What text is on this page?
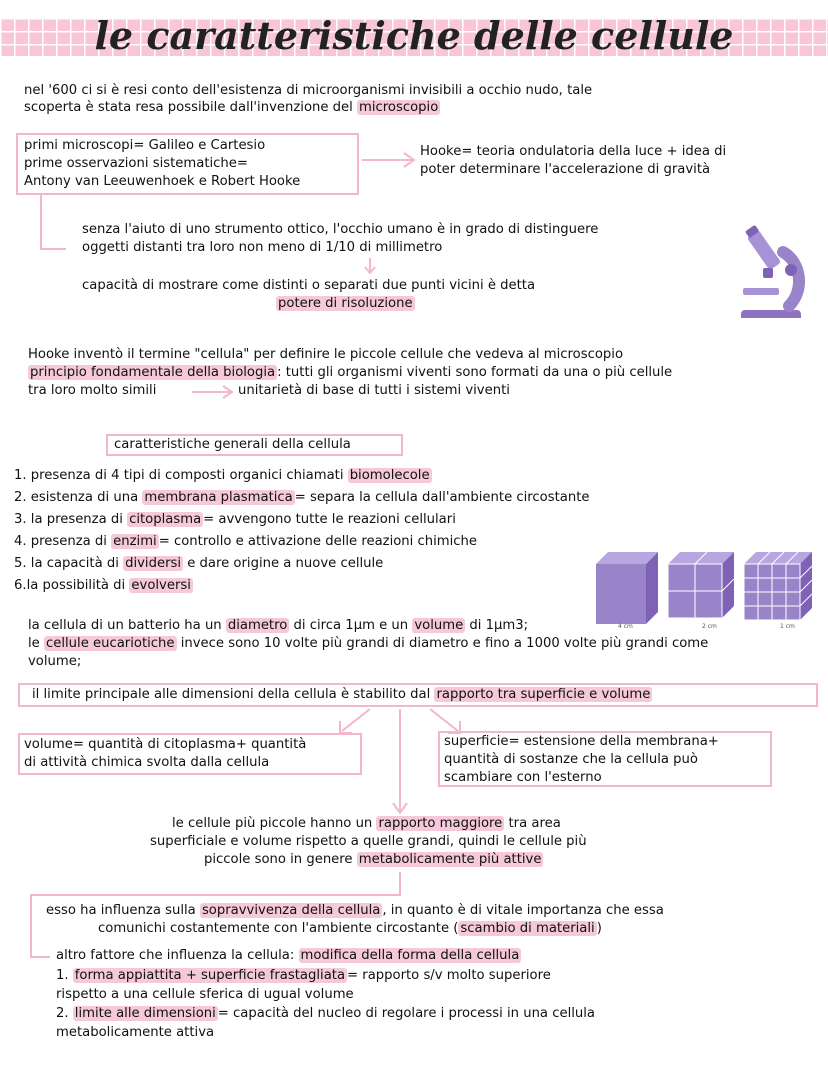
le caratteristiche delle cellule
nel '600 ci si è resi conto dell'esistenza di microorganismi invisibili a occhio nudo, tale
scoperta è stata resa possibile dall'invenzione del microscopio
primi microscopi= Galileo e Cartesio
prime osservazioni sistematiche=
Antony van Leeuwenhoek e Robert Hooke
Hooke= teoria ondulatoria della luce + idea di
poter determinare l'accelerazione di gravità
senza l'aiuto di uno strumento ottico, l'occhio umano è in grado di distinguere
oggetti distanti tra loro non meno di 1/10 di millimetro
capacità di mostrare come distinti o separati due punti vicini è detta
potere di risoluzione
Hooke inventò il termine "cellula" per definire le piccole cellule che vedeva al microscopio
principio fondamentale della biologia : tutti gli organismi viventi sono formati da una o più cellule
tra loro molto simili	unitarietà di base di tutti i sistemi viventi
caratteristiche generali della cellula
1. presenza di 4 tipi di composti organici chiamati biomolecole
2. esistenza di una membrana plasmatica = separa la cellula dall'ambiente circostante
3. la presenza di citoplasma = avvengono tutte le reazioni cellulari
4. presenza di enzimi = controllo e attivazione delle reazioni chimiche
5. la capacità di dividersi e dare origine a nuove cellule
6.la possibilità di evolversi
4 cm	2 cm	1 cm
la cellula di un batterio ha un diametro di circa 1µm e un volume di 1µm3;
le cellule eucariotiche invece sono 10 volte più grandi di diametro e fino a 1000 volte più grandi come
volume;
il limite principale alle dimensioni della cellula è stabilito dal rapporto tra superficie e volume
volume= quantità di citoplasma+ quantità
di attività chimica svolta dalla cellula
superficie= estensione della membrana+
quantità di sostanze che la cellula può
scambiare con l'esterno
le cellule più piccole hanno un rapporto maggiore tra area
superficiale e volume rispetto a quelle grandi, quindi le cellule più
piccole sono in genere metabolicamente più attive
esso ha influenza sulla sopravvivenza della cellula , in quanto è di vitale importanza che essa
comunichi costantemente con l'ambiente circostante ( scambio di materiali )
altro fattore che influenza la cellula: modifica della forma della cellula
1. forma appiattita + superficie frastagliata = rapporto s/v molto superiore
rispetto a una cellule sferica di ugual volume
2. limite alle dimensioni = capacità del nucleo di regolare i processi in una cellula
metabolicamente attiva
